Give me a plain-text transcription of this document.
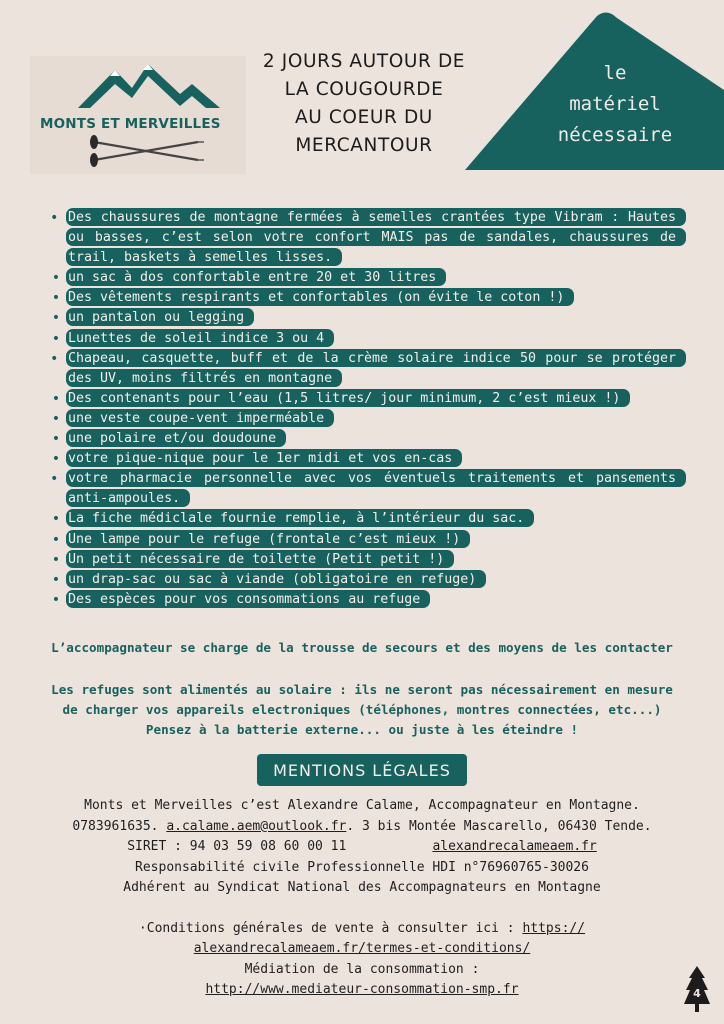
MONTS ET MERVEILLES
2 JOURS AUTOUR DE
LA COUGOURDE
AU COEUR DU
MERCANTOUR
le
matériel
nécessaire
• Des chaussures de montagne fermées à semelles crantées type Vibram : Hautes ou basses, c’est selon votre confort MAIS pas de sandales, chaussures de trail, baskets à semelles lisses.
• un sac à dos confortable entre 20 et 30 litres
• Des vêtements respirants et confortables (on évite le coton !)
• un pantalon ou legging
• Lunettes de soleil indice 3 ou 4
• Chapeau, casquette, buff et de la crème solaire indice 50 pour se protéger des UV, moins filtrés en montagne
• Des contenants pour l’eau (1,5 litres/ jour minimum, 2 c’est mieux !)
• une veste coupe-vent imperméable
• une polaire et/ou doudoune
• votre pique-nique pour le 1er midi et vos en-cas
• votre pharmacie personnelle avec vos éventuels traitements et pansements anti-ampoules.
• La fiche médiclale fournie remplie, à l’intérieur du sac.
• Une lampe pour le refuge (frontale c’est mieux !)
• Un petit nécessaire de toilette (Petit petit !)
• un drap-sac ou sac à viande (obligatoire en refuge)
• Des espèces pour vos consommations au refuge
L’accompagnateur se charge de la trousse de secours et des moyens de les contacter
Les refuges sont alimentés au solaire : ils ne seront pas nécessairement en mesure
de charger vos appareils electroniques (téléphones, montres connectées, etc...)
Pensez à la batterie externe... ou juste à les éteindre !
MENTIONS LÉGALES

Monts et Merveilles c’est Alexandre Calame, Accompagnateur en Montagne.

0783961635. a.calame.aem@outlook.fr. 3 bis Montée Mascarello, 06430 Tende.

SIRET : 94 03 59 08 60 00 11	alexandrecalameaem.fr

Responsabilité civile Professionnelle HDI n°76960765-30026

Adhérent au Syndicat National des Accompagnateurs en Montagne

·Conditions générales de vente à consulter ici : https://

alexandrecalameaem.fr/termes-et-conditions/

Médiation de la consommation :

http://www.mediateur-consommation-smp.fr	4
